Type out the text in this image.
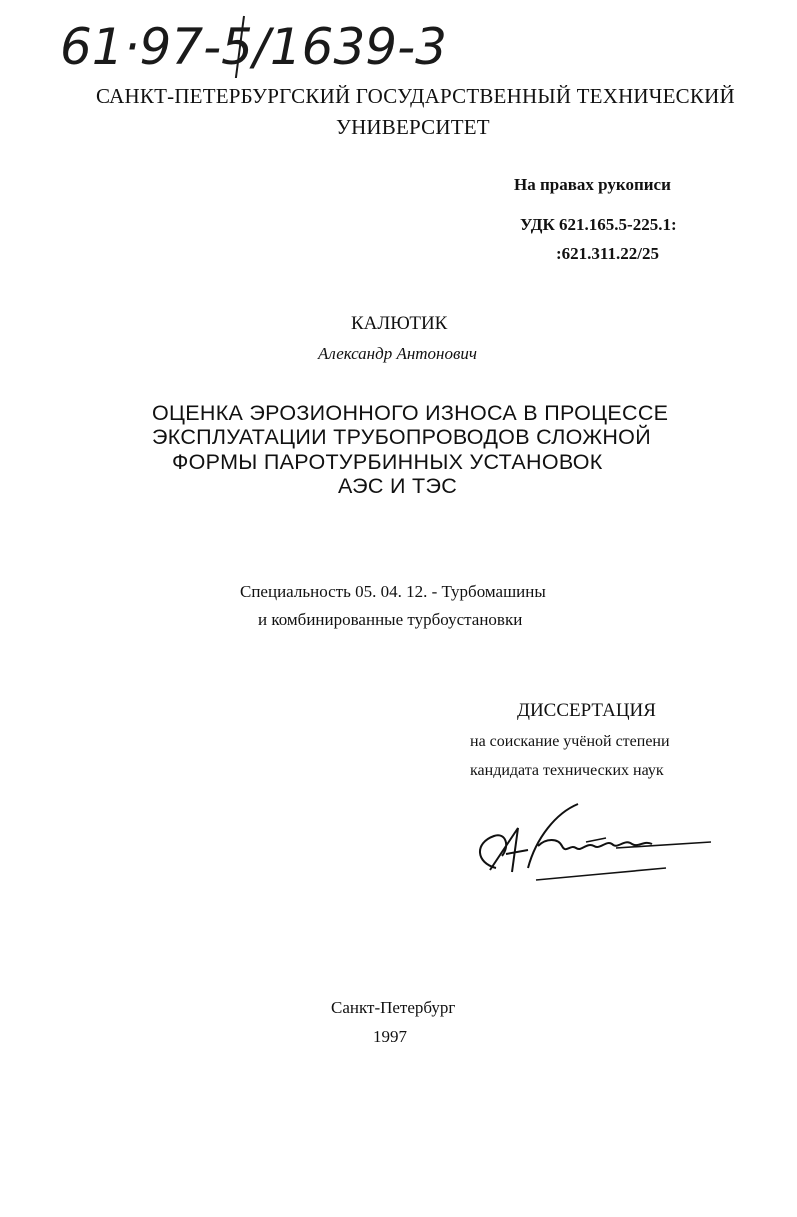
61·97-5/1639-3
САНКТ-ПЕТЕРБУРГСКИЙ ГОСУДАРСТВЕННЫЙ ТЕХНИЧЕСКИЙ
УНИВЕРСИТЕТ
На правах рукописи
УДК 621.165.5-225.1:
:621.311.22/25
КАЛЮТИК
Александр Антонович
ОЦЕНКА ЭРОЗИОННОГО ИЗНОСА В ПРОЦЕССЕ
ЭКСПЛУАТАЦИИ ТРУБОПРОВОДОВ СЛОЖНОЙ
ФОРМЫ ПАРОТУРБИННЫХ УСТАНОВОК
АЭС И ТЭС
Специальность 05. 04. 12. - Турбомашины
и комбинированные турбоустановки
ДИССЕРТАЦИЯ
на соискание учёной степени
кандидата технических наук
Санкт-Петербург
1997
